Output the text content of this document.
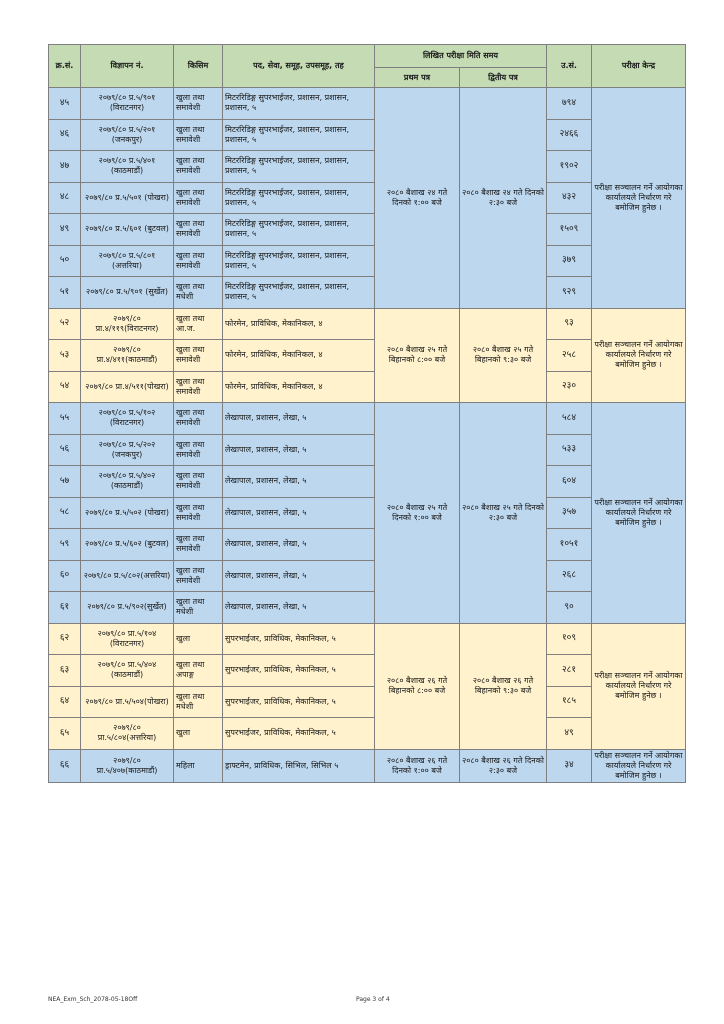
क्र.सं.	विज्ञापन नं.	किसिम	पद, सेवा, समूह, उपसमूह, तह	लिखित परीक्षा मिति समय		उ.सं.	परीक्षा केन्द्र
				प्रथम पत्र	द्वितीय पत्र		
४५	२०७९/८० प्र.५/९०१ (विराटनगर)	खुला तथा समावेशी	मिटररिडिङ्ग सुपरभाईजर, प्रशासन, प्रशासन, प्रशासन, ५	२०८० बैशाख २४ गते दिनको १:०० बजे	२०८० बैशाख २४ गते दिनको २:३० बजे	७९४	परीक्षा सञ्चालन गर्ने आयोगका कार्यालयले निर्धारण गरे बमोजिम हुनेछ ।
४६	२०७९/८० प्र.५/२०१ (जनकपुर)	खुला तथा समावेशी	मिटररिडिङ्ग सुपरभाईजर, प्रशासन, प्रशासन, प्रशासन, ५			२४६६	
४७	२०७९/८० प्र.५/४०१ (काठमाडौं)	खुला तथा समावेशी	मिटररिडिङ्ग सुपरभाईजर, प्रशासन, प्रशासन, प्रशासन, ५			१९०२	
४८	२०७९/८० प्र.५/५०१ (पोखरा)	खुला तथा समावेशी	मिटररिडिङ्ग सुपरभाईजर, प्रशासन, प्रशासन, प्रशासन, ५			४३२	
४९	२०७९/८० प्र.५/६०१ (बुटवल)	खुला तथा समावेशी	मिटररिडिङ्ग सुपरभाईजर, प्रशासन, प्रशासन, प्रशासन, ५			१५०९	
५०	२०७९/८० प्र.५/८०१ (अत्तरिया)	खुला तथा समावेशी	मिटररिडिङ्ग सुपरभाईजर, प्रशासन, प्रशासन, प्रशासन, ५			३७९	
५१	२०७९/८० प्र.५/९०१ (सुर्खेत)	खुला तथा मधेशी	मिटररिडिङ्ग सुपरभाईजर, प्रशासन, प्रशासन, प्रशासन, ५			९२९	
५२	२०७९/८० प्रा.४/११९(विराटनगर)	खुला तथा आ.ज.	फोरमेन, प्राविधिक, मेकानिकल, ४	२०८० बैशाख २५ गते बिहानको ८:०० बजे	२०८० बैशाख २५ गते बिहानको ९:३० बजे	९३	परीक्षा सञ्चालन गर्ने आयोगका कार्यालयले निर्धारण गरे बमोजिम हुनेछ ।
५३	२०७९/८० प्रा.४/४११(काठमाडौं)	खुला तथा समावेशी	फोरमेन, प्राविधिक, मेकानिकल, ४			२५८	
५४	२०७९/८० प्रा.४/५११(पोखरा)	खुला तथा समावेशी	फोरमेन, प्राविधिक, मेकानिकल, ४			२३०	
५५	२०७९/८० प्र.५/१०२ (विराटनगर)	खुला तथा समावेशी	लेखापाल, प्रशासन, लेखा, ५	२०८० बैशाख २५ गते दिनको १:०० बजे	२०८० बैशाख २५ गते दिनको २:३० बजे	५८४	परीक्षा सञ्चालन गर्ने आयोगका कार्यालयले निर्धारण गरे बमोजिम हुनेछ ।
५६	२०७९/८० प्र.५/२०२ (जनकपुर)	खुला तथा समावेशी	लेखापाल, प्रशासन, लेखा, ५			५३३	
५७	२०७९/८० प्र.५/४०२ (काठमाडौं)	खुला तथा समावेशी	लेखापाल, प्रशासन, लेखा, ५			६०४	
५८	२०७९/८० प्र.५/५०२ (पोखरा)	खुला तथा समावेशी	लेखापाल, प्रशासन, लेखा, ५			३५७	
५९	२०७९/८० प्र.५/६०२ (बुटवल)	खुला तथा समावेशी	लेखापाल, प्रशासन, लेखा, ५			१०५१	
६०	२०७९/८० प्र.५/८०२(अत्तरिया)	खुला तथा समावेशी	लेखापाल, प्रशासन, लेखा, ५			२६८	
६१	२०७९/८० प्र.५/९०२(सुर्खेत)	खुला तथा मधेशी	लेखापाल, प्रशासन, लेखा, ५			९०	
६२	२०७९/८० प्रा.५/१०४ (विराटनगर)	खुला	सुपरभाईजर, प्राविधिक, मेकानिकल, ५	२०८० बैशाख २६ गते बिहानको ८:०० बजे	२०८० बैशाख २६ गते बिहानको ९:३० बजे	१०९	परीक्षा सञ्चालन गर्ने आयोगका कार्यालयले निर्धारण गरे बमोजिम हुनेछ ।
६३	२०७९/८० प्रा.५/४०४ (काठमाडौं)	खुला तथा अपाङ्ग	सुपरभाईजर, प्राविधिक, मेकानिकल, ५			२८१	
६४	२०७९/८० प्रा.५/५०४(पोखरा)	खुला तथा मधेशी	सुपरभाईजर, प्राविधिक, मेकानिकल, ५			१८५	
६५	२०७९/८० प्रा.५/८०४(अत्तरिया)	खुला	सुपरभाईजर, प्राविधिक, मेकानिकल, ५			४९	
६६	२०७९/८० प्रा.५/४०७(काठमाडौं)	महिला	ड्राफ्टमेन, प्राविधिक, सिभिल, सिभिल ५	२०८० बैशाख २६ गते दिनको १:०० बजे	२०८० बैशाख २६ गते दिनको २:३० बजे	३४	परीक्षा सञ्चालन गर्ने आयोगका कार्यालयले निर्धारण गरे बमोजिम हुनेछ ।
NEA_Exm_Sch_2078-05-18Off	Page 3 of 4
